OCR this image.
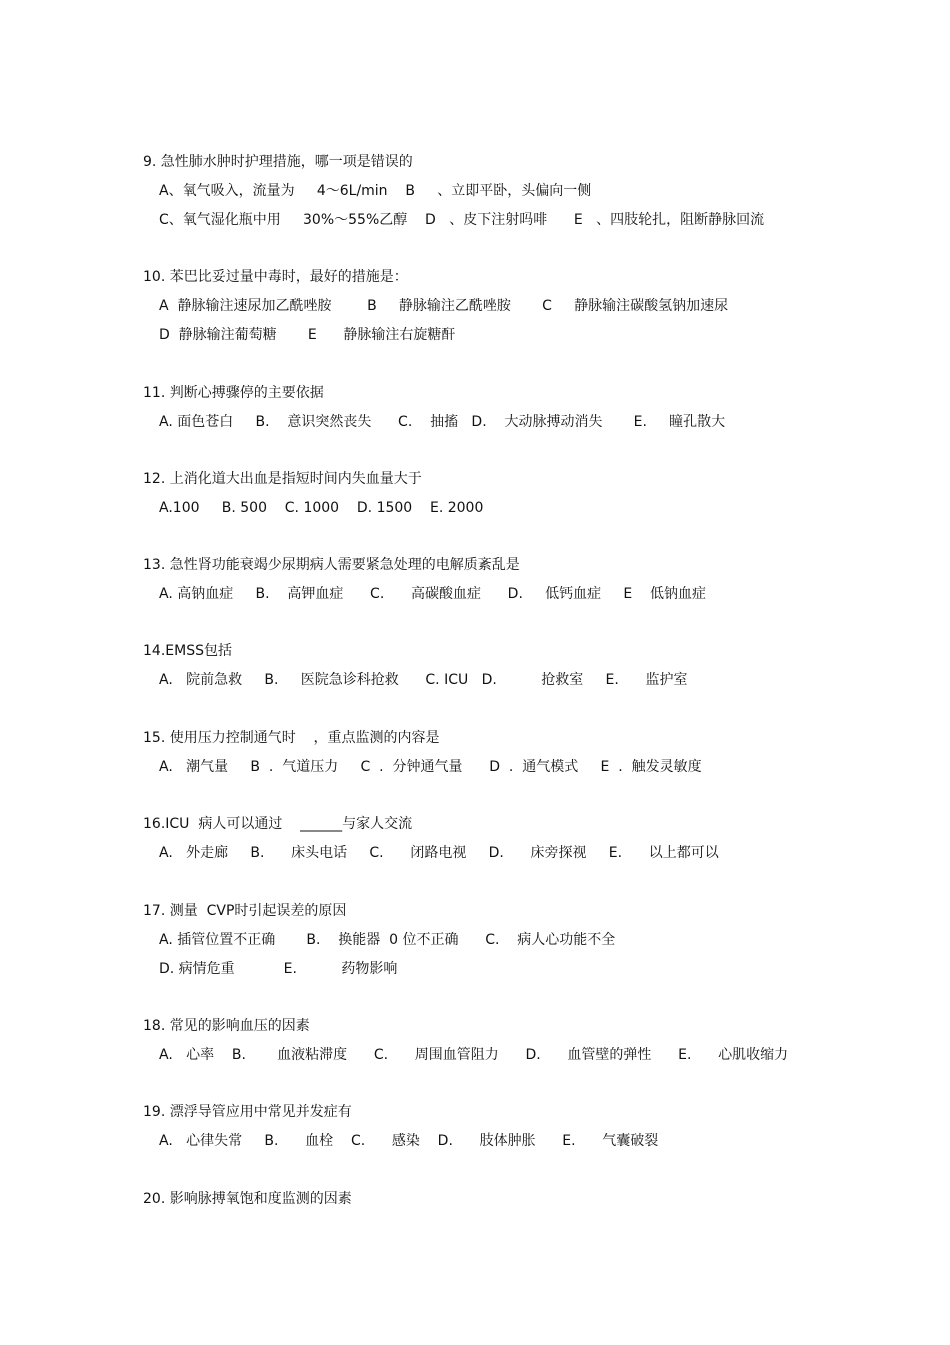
9. 急性肺水肿时护理措施，哪一项是错误的
A、氧气吸入，流量为     4～6L/min    B     、立即平卧，头偏向一侧
C、氧气湿化瓶中用     30%～55%乙醇    D   、皮下注射吗啡      E   、四肢轮扎，阻断静脉回流
10. 苯巴比妥过量中毒时，最好的措施是：
A  静脉输注速尿加乙酰唑胺        B     静脉输注乙酰唑胺       C     静脉输注碳酸氢钠加速尿
D  静脉输注葡萄糖       E      静脉输注右旋糖酐
11. 判断心搏骤停的主要依据
A. 面色苍白     B.    意识突然丧失      C.    抽搐   D.    大动脉搏动消失       E.     瞳孔散大
12. 上消化道大出血是指短时间内失血量大于
A.100     B. 500    C. 1000    D. 1500    E. 2000
13. 急性肾功能衰竭少尿期病人需要紧急处理的电解质紊乱是
A. 高钠血症     B.    高钾血症      C.      高碳酸血症      D.     低钙血症     E    低钠血症
14.EMSS包括
A.   院前急救     B.     医院急诊科抢救      C. ICU   D.          抢救室     E.      监护室
15. 使用压力控制通气时    ，重点监测的内容是
A.   潮气量     B  .  气道压力     C  .  分钟通气量      D  .  通气模式     E  .  触发灵敏度
16.ICU  病人可以通过    ______与家人交流
A.   外走廊     B.      床头电话     C.      闭路电视     D.      床旁探视     E.      以上都可以
17. 测量  CVP时引起误差的原因
A. 插管位置不正确       B.    换能器  0 位不正确      C.    病人心功能不全
D. 病情危重           E.          药物影响
18. 常见的影响血压的因素
A.   心率    B.       血液粘滞度      C.      周围血管阻力      D.      血管壁的弹性      E.      心肌收缩力
19. 漂浮导管应用中常见并发症有
A.   心律失常     B.      血栓    C.      感染    D.      肢体肿胀      E.      气囊破裂
20. 影响脉搏氧饱和度监测的因素
